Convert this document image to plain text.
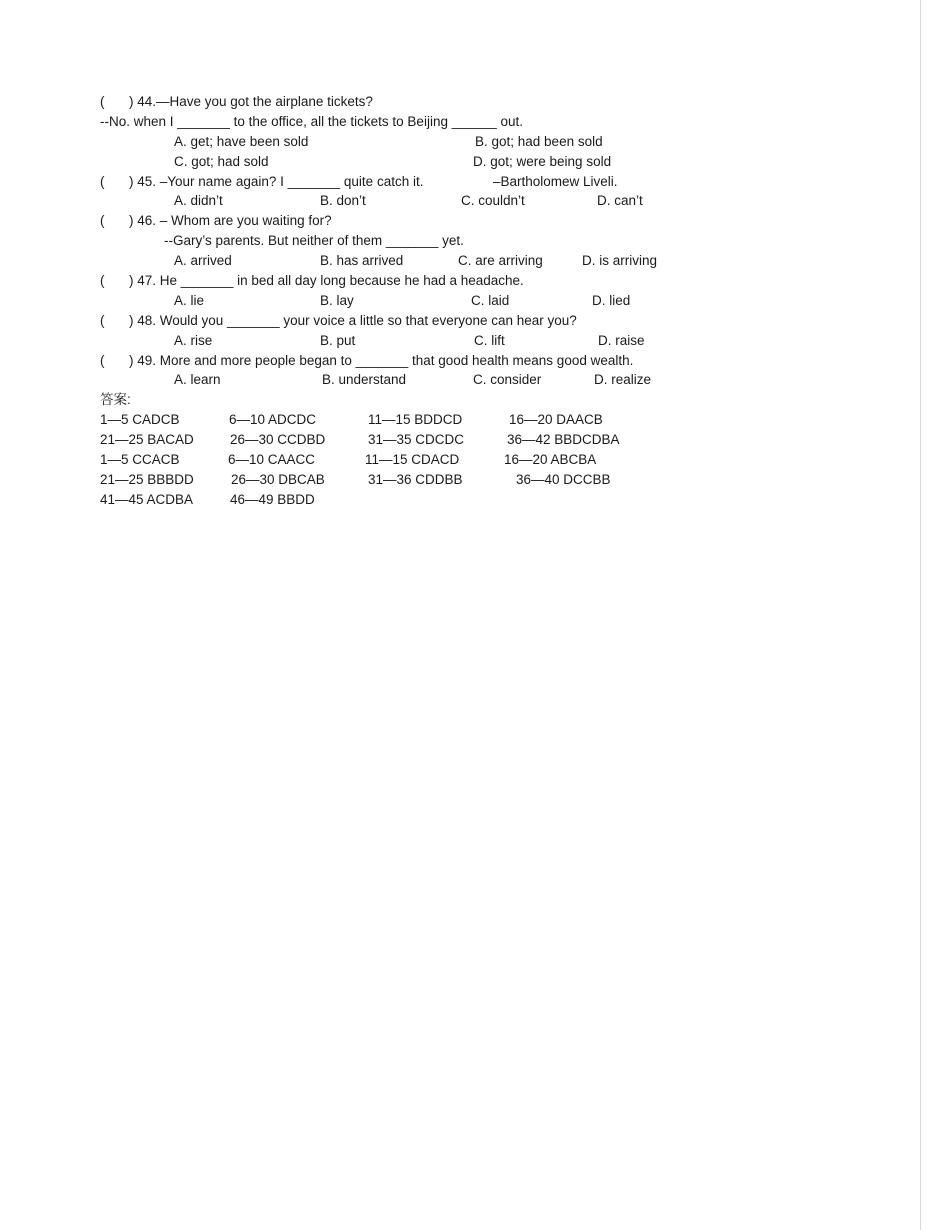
( ) 44.—Have you got the airplane tickets?
--No. when I _______ to the office, all the tickets to Beijing ______ out.
A. get; have been sold	B. got; had been sold
C. got; had sold	D. got; were being sold
( ) 45. –Your name again? I _______ quite catch it.	–Bartholomew Liveli.
A. didn’t	B. don’t	C. couldn’t	D. can’t
( ) 46. – Whom are you waiting for?
--Gary’s parents. But neither of them _______ yet.
A. arrived	B. has arrived	C. are arriving	D. is arriving
( ) 47. He _______ in bed all day long because he had a headache.
A. lie	B. lay	C. laid	D. lied
( ) 48. Would you _______ your voice a little so that everyone can hear you?
A. rise	B. put	C. lift	D. raise
( ) 49. More and more people began to _______ that good health means good wealth.
A. learn	B. understand	C. consider	D. realize
答案:
1—5 CADCB	6—10 ADCDC	11—15 BDDCD	16—20 DAACB
21—25 BACAD	26—30 CCDBD	31—35 CDCDC	36—42 BBDCDBA
1—5 CCACB	6—10 CAACC	11—15 CDACD	16—20 ABCBA
21—25 BBBDD	26—30 DBCAB	31—36 CDDBB	36—40 DCCBB
41—45 ACDBA	46—49 BBDD
